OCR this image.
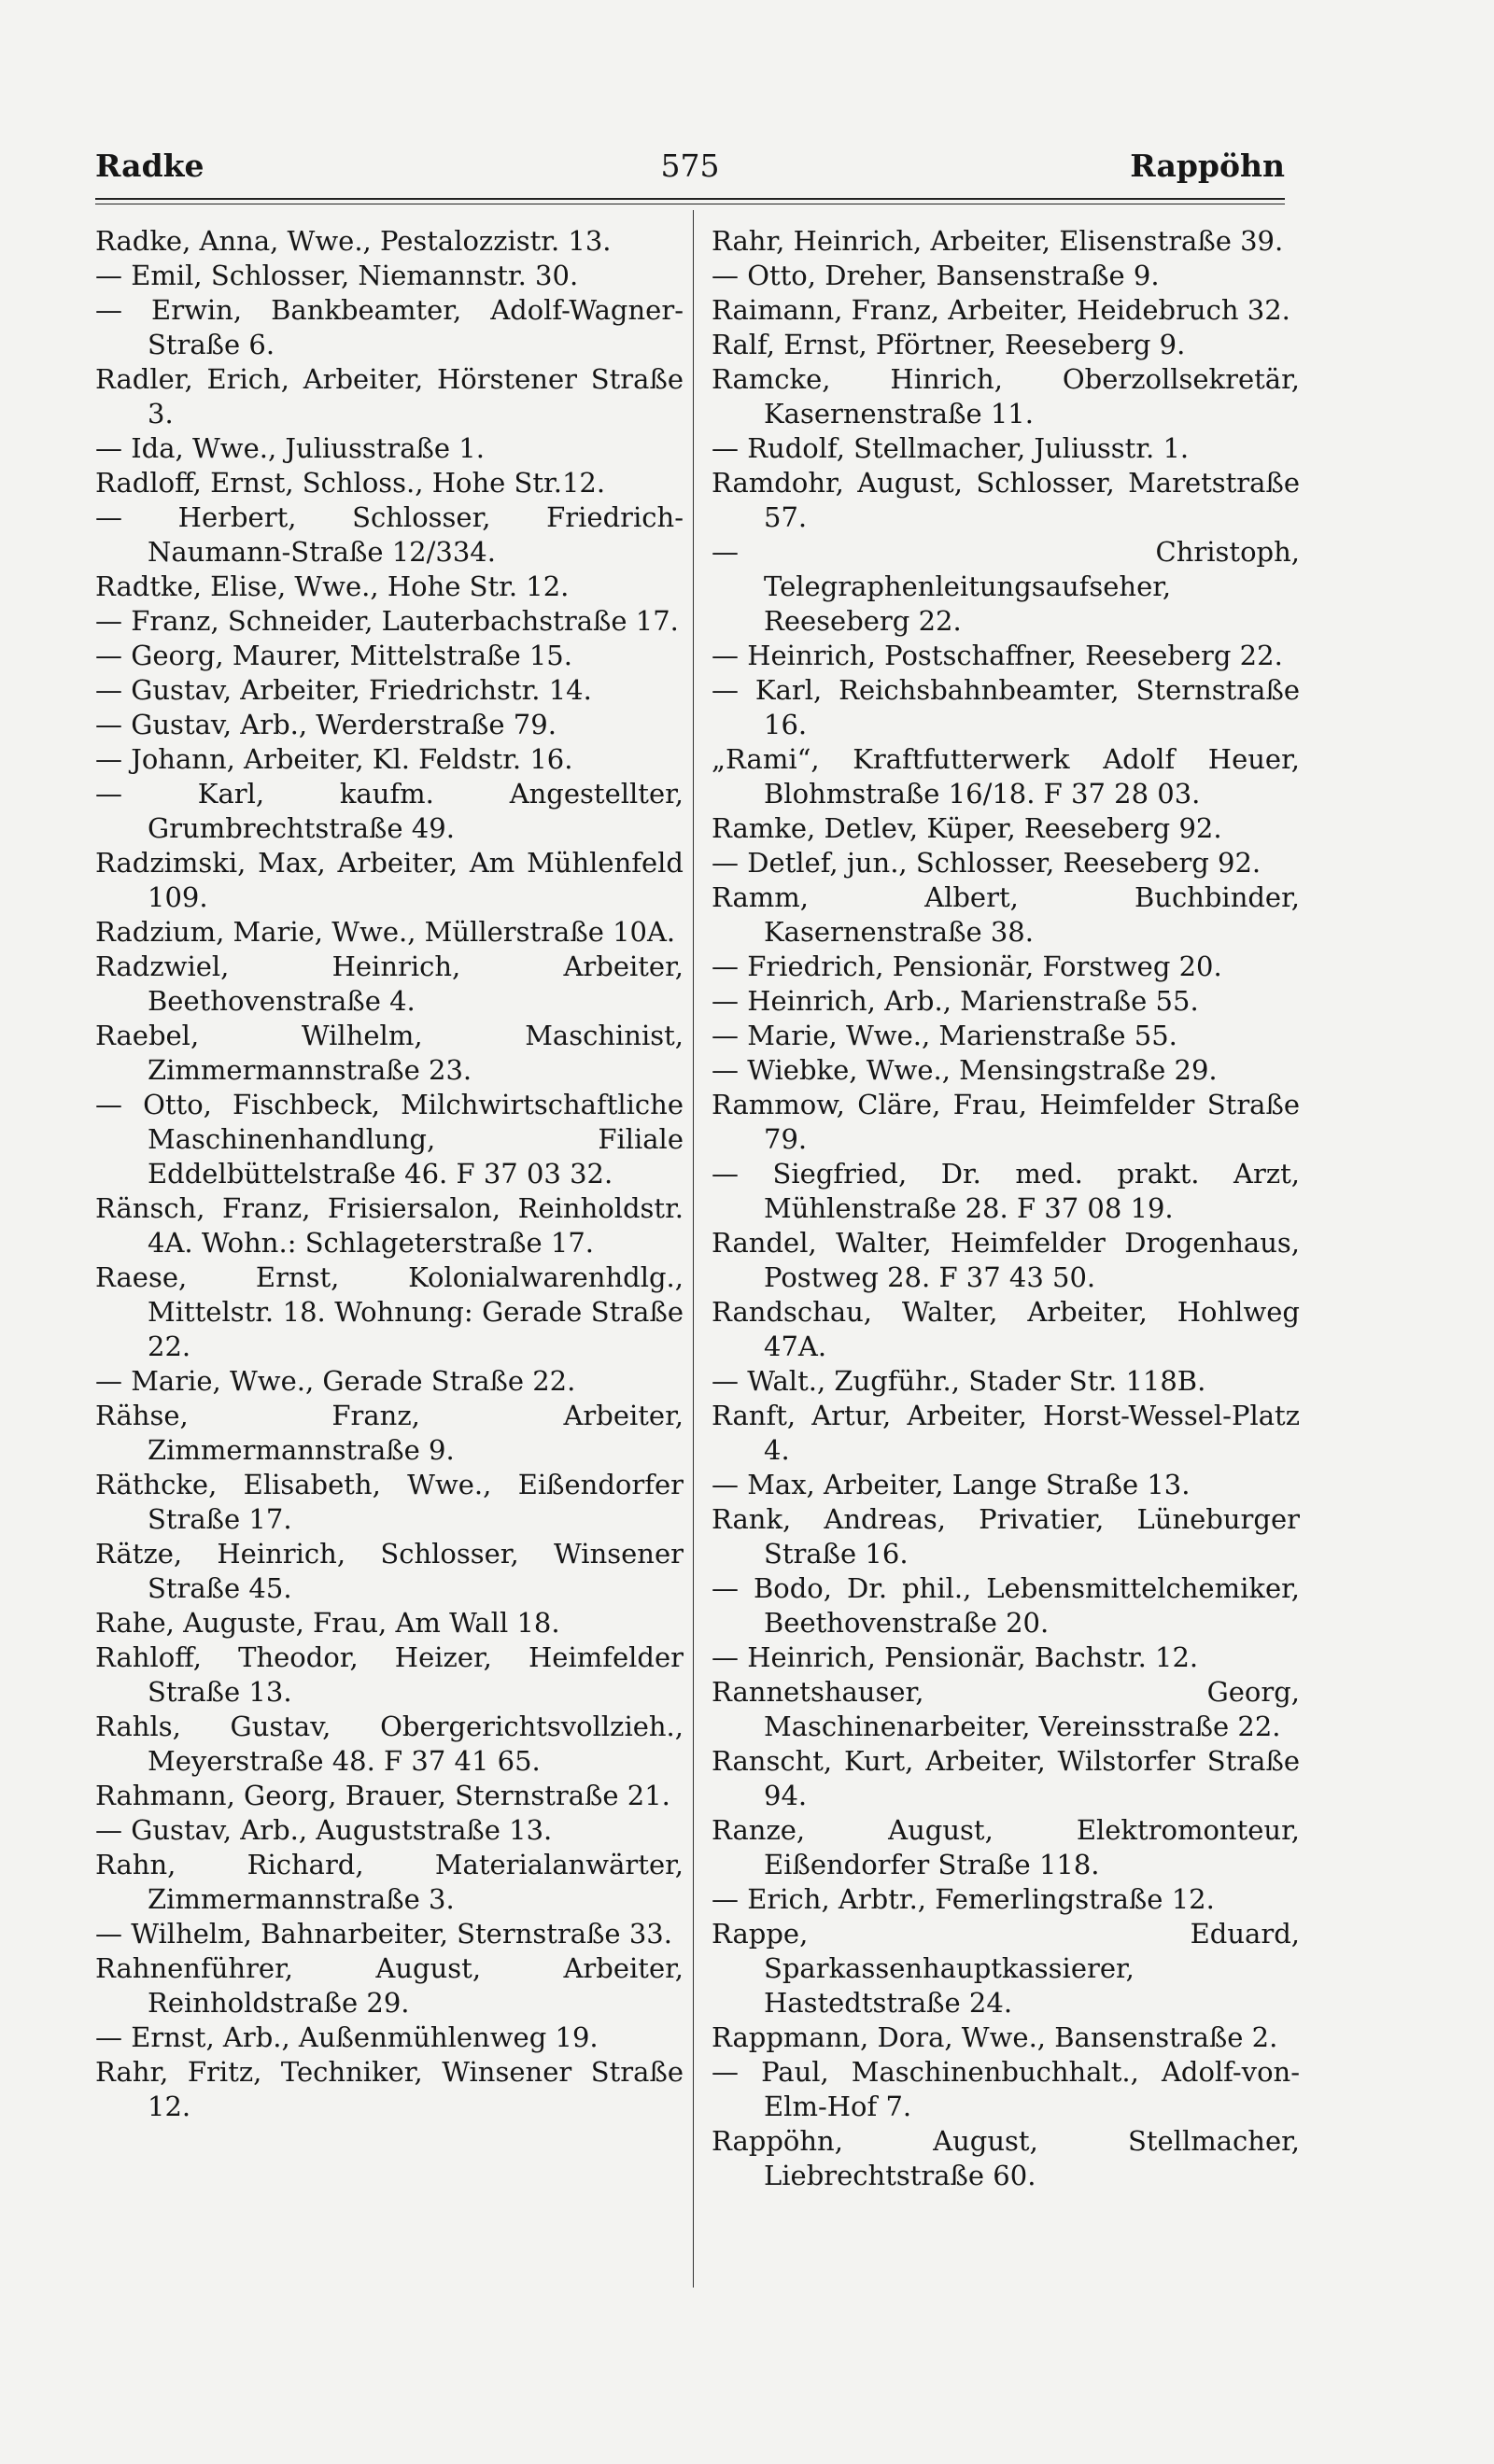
Radke	575	Rappöhn

Radke, Anna, Wwe., Pestalozzistr. 13.

— Emil, Schlosser, Niemannstr. 30.

— Erwin, Bankbeamter, Adolf-Wagner-Straße 6.

Radler, Erich, Arbeiter, Hörstener Straße 3.

— Ida, Wwe., Juliusstraße 1.

Radloff, Ernst, Schloss., Hohe Str.12.

— Herbert, Schlosser, Friedrich-Naumann-Straße 12/334.

Radtke, Elise, Wwe., Hohe Str. 12.

— Franz, Schneider, Lauterbachstraße 17.

— Georg, Maurer, Mittelstraße 15.

— Gustav, Arbeiter, Friedrichstr. 14.

— Gustav, Arb., Werderstraße 79.

— Johann, Arbeiter, Kl. Feldstr. 16.

— Karl, kaufm. Angestellter, Grumbrechtstraße 49.

Radzimski, Max, Arbeiter, Am Mühlenfeld 109.

Radzium, Marie, Wwe., Müllerstraße 10A.

Radzwiel, Heinrich, Arbeiter, Beethovenstraße 4.

Raebel, Wilhelm, Maschinist, Zimmermannstraße 23.

— Otto, Fischbeck, Milchwirtschaftliche Maschinenhandlung, Filiale Eddelbüttelstraße 46. F 37 03 32.

Ränsch, Franz, Frisiersalon, Reinholdstr. 4A. Wohn.: Schlageterstraße 17.

Raese, Ernst, Kolonialwarenhdlg., Mittelstr. 18. Wohnung: Gerade Straße 22.

— Marie, Wwe., Gerade Straße 22.

Rähse, Franz, Arbeiter, Zimmermannstraße 9.

Räthcke, Elisabeth, Wwe., Eißendorfer Straße 17.

Rätze, Heinrich, Schlosser, Winsener Straße 45.

Rahe, Auguste, Frau, Am Wall 18.

Rahloff, Theodor, Heizer, Heimfelder Straße 13.

Rahls, Gustav, Obergerichtsvollzieh., Meyerstraße 48. F 37 41 65.

Rahmann, Georg, Brauer, Sternstraße 21.

— Gustav, Arb., Auguststraße 13.

Rahn, Richard, Materialanwärter, Zimmermannstraße 3.

— Wilhelm, Bahnarbeiter, Sternstraße 33.

Rahnenführer, August, Arbeiter, Reinholdstraße 29.

— Ernst, Arb., Außenmühlenweg 19.

Rahr, Fritz, Techniker, Winsener Straße 12.

Rahr, Heinrich, Arbeiter, Elisenstraße 39.

— Otto, Dreher, Bansenstraße 9.

Raimann, Franz, Arbeiter, Heidebruch 32.

Ralf, Ernst, Pförtner, Reeseberg 9.

Ramcke, Hinrich, Oberzollsekretär, Kasernenstraße 11.

— Rudolf, Stellmacher, Juliusstr. 1.

Ramdohr, August, Schlosser, Maretstraße 57.

— Christoph, Telegraphenleitungsaufseher, Reeseberg 22.

— Heinrich, Postschaffner, Reeseberg 22.

— Karl, Reichsbahnbeamter, Sternstraße 16.

„Rami“, Kraftfutterwerk Adolf Heuer, Blohmstraße 16/18. F 37 28 03.

Ramke, Detlev, Küper, Reeseberg 92.

— Detlef, jun., Schlosser, Reeseberg 92.

Ramm, Albert, Buchbinder, Kasernenstraße 38.

— Friedrich, Pensionär, Forstweg 20.

— Heinrich, Arb., Marienstraße 55.

— Marie, Wwe., Marienstraße 55.

— Wiebke, Wwe., Mensingstraße 29.

Rammow, Cläre, Frau, Heimfelder Straße 79.

— Siegfried, Dr. med. prakt. Arzt, Mühlenstraße 28. F 37 08 19.

Randel, Walter, Heimfelder Drogenhaus, Postweg 28. F 37 43 50.

Randschau, Walter, Arbeiter, Hohlweg 47A.

— Walt., Zugführ., Stader Str. 118B.

Ranft, Artur, Arbeiter, Horst-Wessel-Platz 4.

— Max, Arbeiter, Lange Straße 13.

Rank, Andreas, Privatier, Lüneburger Straße 16.

— Bodo, Dr. phil., Lebensmittelchemiker, Beethovenstraße 20.

— Heinrich, Pensionär, Bachstr. 12.

Rannetshauser, Georg, Maschinenarbeiter, Vereinsstraße 22.

Ranscht, Kurt, Arbeiter, Wilstorfer Straße 94.

Ranze, August, Elektromonteur, Eißendorfer Straße 118.

— Erich, Arbtr., Femerlingstraße 12.

Rappe, Eduard, Sparkassenhauptkassierer, Hastedtstraße 24.

Rappmann, Dora, Wwe., Bansenstraße 2.

— Paul, Maschinenbuchhalt., Adolf-von-Elm-Hof 7.

Rappöhn, August, Stellmacher, Liebrechtstraße 60.
